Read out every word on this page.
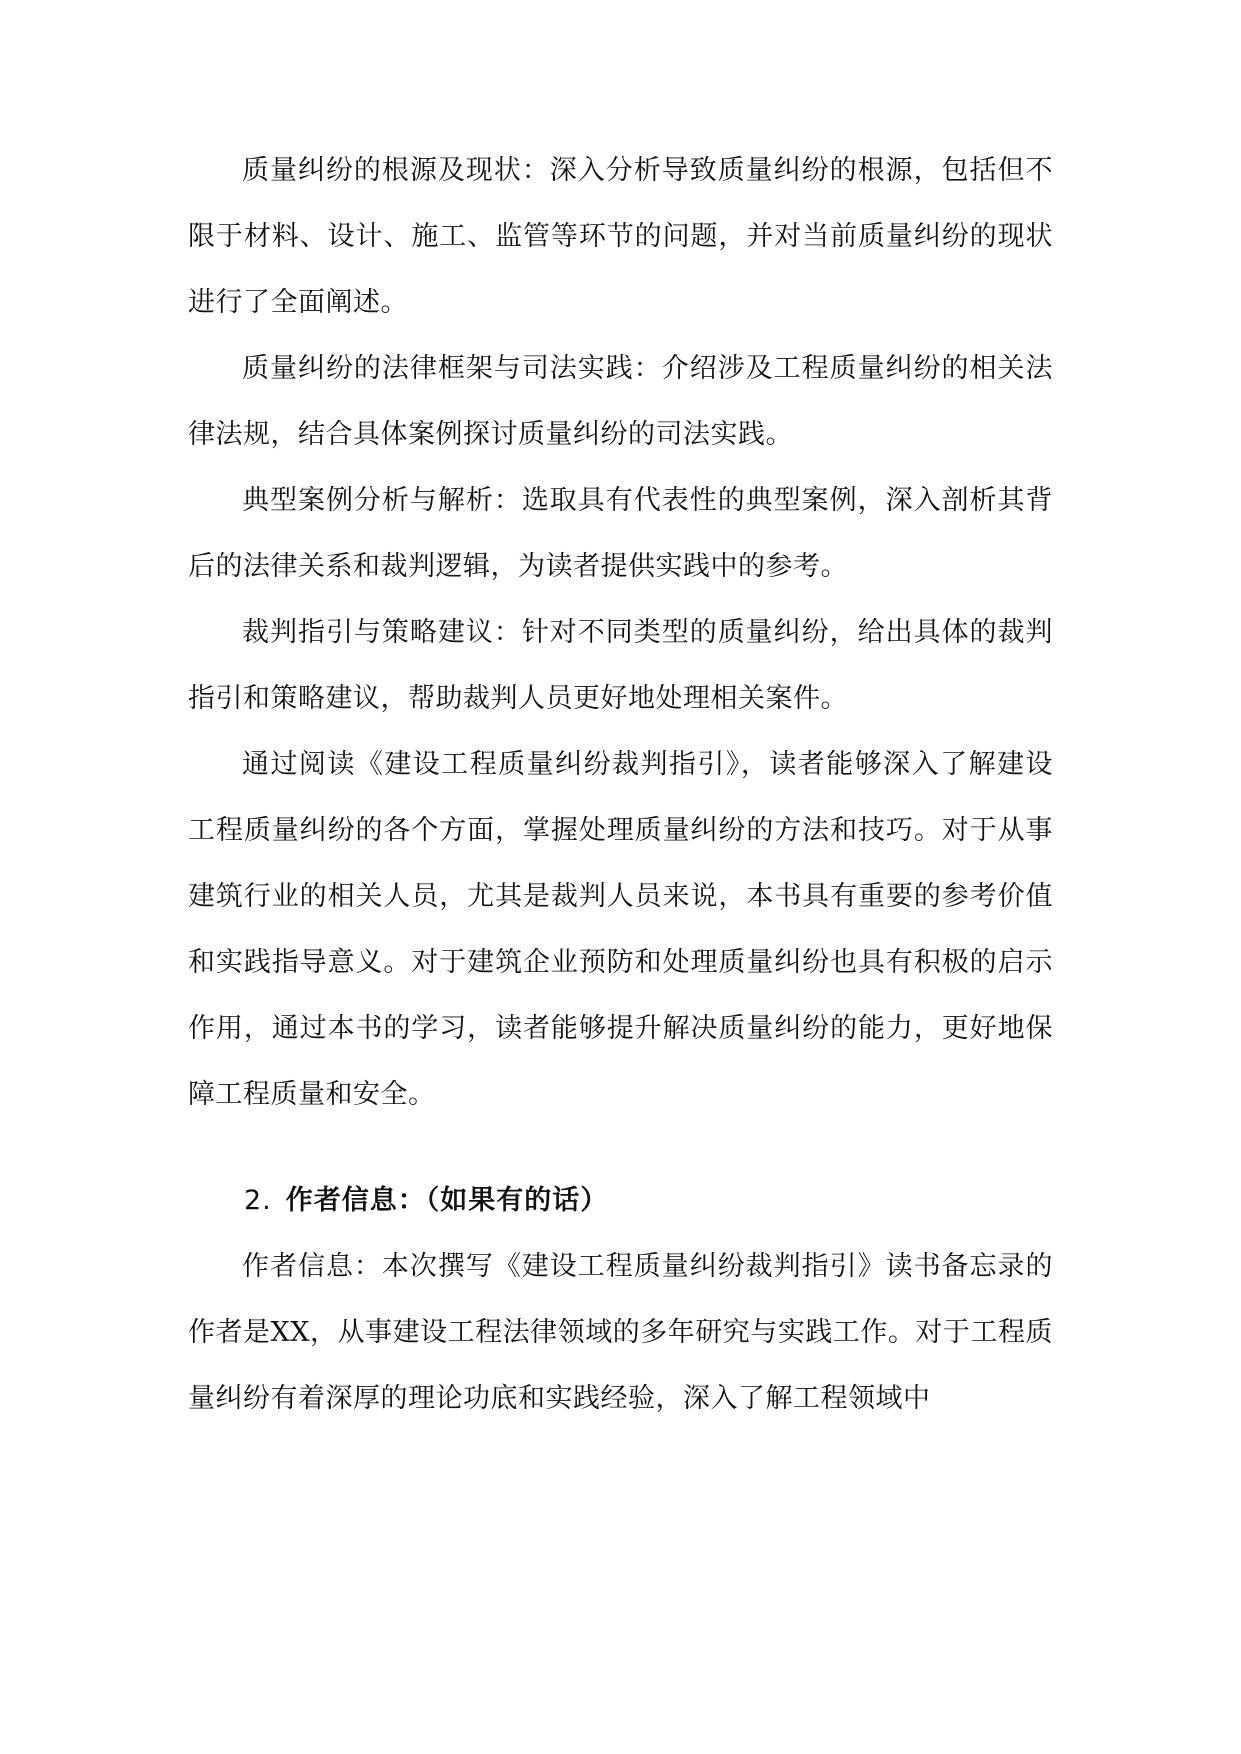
质量纠纷的根源及现状：深入分析导致质量纠纷的根源，包括但不限于材料、设计、施工、监管等环节的问题，并对当前质量纠纷的现状进行了全面阐述。

质量纠纷的法律框架与司法实践：介绍涉及工程质量纠纷的相关法律法规，结合具体案例探讨质量纠纷的司法实践。

典型案例分析与解析：选取具有代表性的典型案例，深入剖析其背后的法律关系和裁判逻辑，为读者提供实践中的参考。

裁判指引与策略建议：针对不同类型的质量纠纷，给出具体的裁判指引和策略建议，帮助裁判人员更好地处理相关案件。

通过阅读《建设工程质量纠纷裁判指引》，读者能够深入了解建设工程质量纠纷的各个方面，掌握处理质量纠纷的方法和技巧。对于从事建筑行业的相关人员，尤其是裁判人员来说，本书具有重要的参考价值和实践指导意义。对于建筑企业预防和处理质量纠纷也具有积极的启示作用，通过本书的学习，读者能够提升解决质量纠纷的能力，更好地保障工程质量和安全。

2. 作者信息：（如果有的话）

作者信息：本次撰写《建设工程质量纠纷裁判指引》读书备忘录的作者是XX，从事建设工程法律领域的多年研究与实践工作。对于工程质量纠纷有着深厚的理论功底和实践经验，深入了解工程领域中
